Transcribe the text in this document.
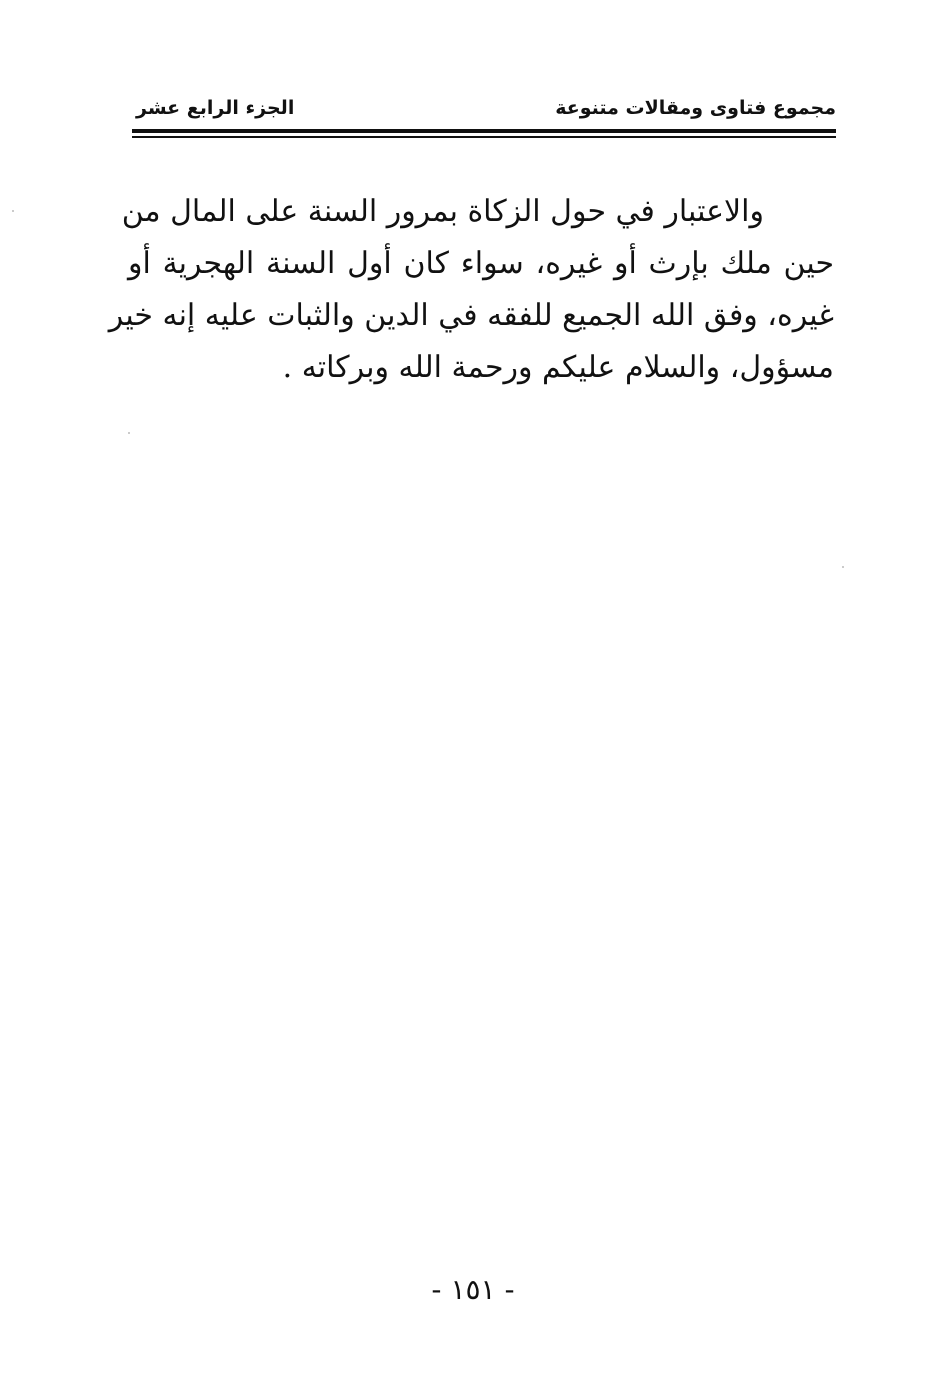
مجموع فتاوى ومقالات متنوعة
الجزء الرابع عشر
والاعتبار في حول الزكاة بمرور السنة على المال من
حين ملك بإرث أو غيره، سواء كان أول السنة الهجرية أو
غيره، وفق الله الجميع للفقه في الدين والثبات عليه إنه خير
مسؤول، والسلام عليكم ورحمة الله وبركاته .
- ١٥١ -
